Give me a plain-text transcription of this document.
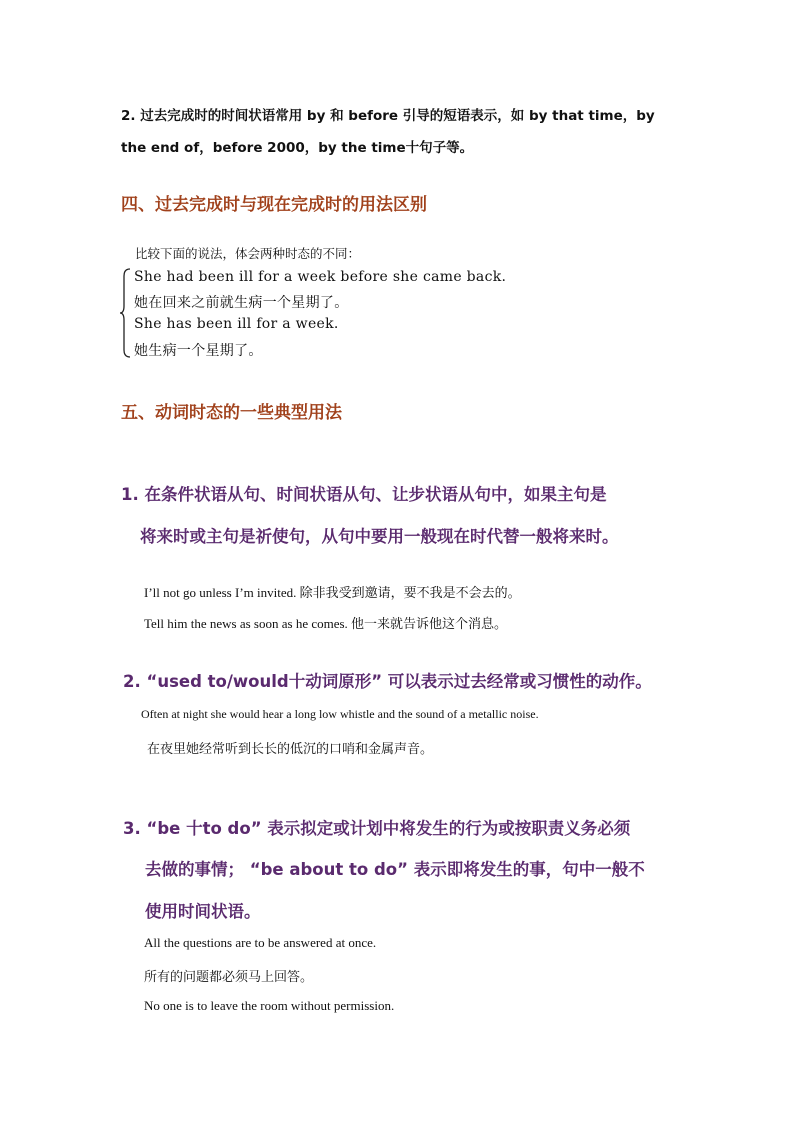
2. 过去完成时的时间状语常用 by 和 before 引导的短语表示，如 by that time，by
the end of，before 2000，by the time十句子等。
四、过去完成时与现在完成时的用法区别
比较下面的说法，体会两种时态的不同：
She had been ill for a week before she came back.
她在回来之前就生病一个星期了。
She has been ill for a week.
她生病一个星期了。
五、动词时态的一些典型用法
1. 在条件状语从句、时间状语从句、让步状语从句中，如果主句是
将来时或主句是祈使句，从句中要用一般现在时代替一般将来时。
I’ll not go unless I’m invited. 除非我受到邀请，要不我是不会去的。
Tell him the news as soon as he comes. 他一来就告诉他这个消息。
2. “used to/would十动词原形” 可以表示过去经常或习惯性的动作。
Often at night she would hear a long low whistle and the sound of a metallic noise.
在夜里她经常听到长长的低沉的口哨和金属声音。
3. “be 十to do” 表示拟定或计划中将发生的行为或按职责义务必须
去做的事情； “be about to do” 表示即将发生的事，句中一般不
使用时间状语。
All the questions are to be answered at once.
所有的问题都必须马上回答。
No one is to leave the room without permission.
